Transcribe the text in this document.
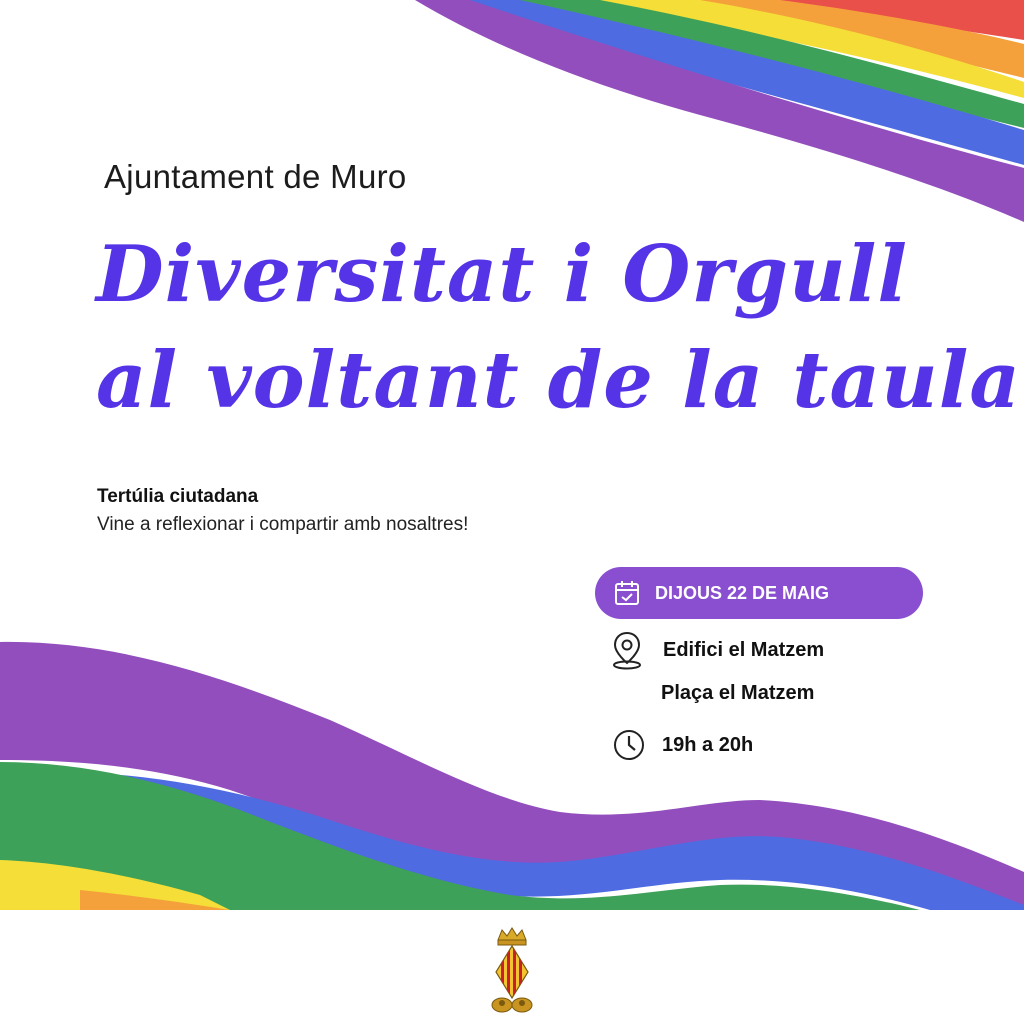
Ajuntament de Muro
Diversitat i Orgull
al voltant de la taula
Tertúlia ciutadana
Vine a reflexionar i compartir amb nosaltres!
DIJOUS 22 DE MAIG
Edifici el Matzem
Plaça el Matzem
19h a 20h
